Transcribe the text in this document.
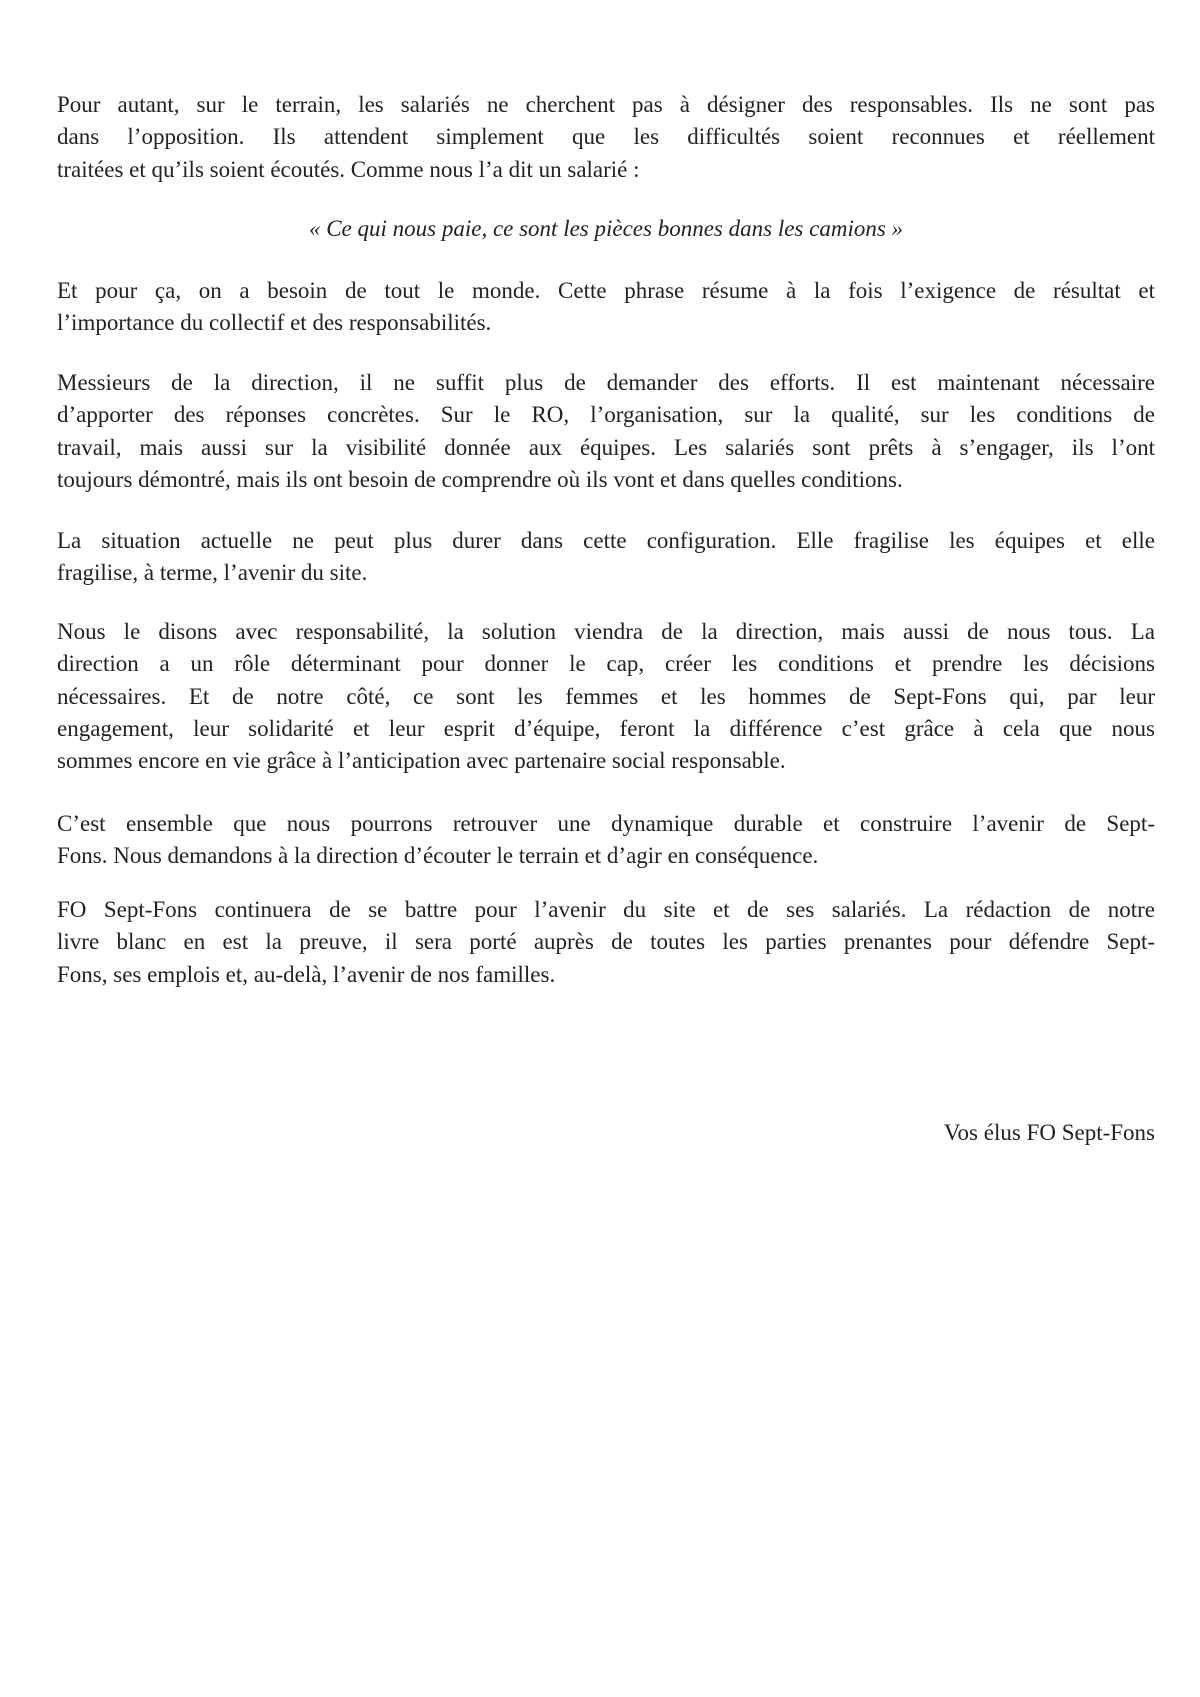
« Ce qui nous paie, ce sont les pièces bonnes dans les camions »
Vos élus FO Sept-Fons
Pour autant, sur le terrain, les salariés ne cherchent pas à désigner des responsables. Ils ne sont pas
dans l’opposition. Ils attendent simplement que les difficultés soient reconnues et réellement
traitées et qu’ils soient écoutés. Comme nous l’a dit un salarié :
Et pour ça, on a besoin de tout le monde. Cette phrase résume à la fois l’exigence de résultat et
l’importance du collectif et des responsabilités.
Messieurs de la direction, il ne suffit plus de demander des efforts. Il est maintenant nécessaire
d’apporter des réponses concrètes. Sur le RO, l’organisation, sur la qualité, sur les conditions de
travail, mais aussi sur la visibilité donnée aux équipes. Les salariés sont prêts à s’engager, ils l’ont
toujours démontré, mais ils ont besoin de comprendre où ils vont et dans quelles conditions.
La situation actuelle ne peut plus durer dans cette configuration. Elle fragilise les équipes et elle
fragilise, à terme, l’avenir du site.
Nous le disons avec responsabilité, la solution viendra de la direction, mais aussi de nous tous. La
direction a un rôle déterminant pour donner le cap, créer les conditions et prendre les décisions
nécessaires. Et de notre côté, ce sont les femmes et les hommes de Sept-Fons qui, par leur
engagement, leur solidarité et leur esprit d’équipe, feront la différence c’est grâce à cela que nous
sommes encore en vie grâce à l’anticipation avec partenaire social responsable.
C’est ensemble que nous pourrons retrouver une dynamique durable et construire l’avenir de Sept-
Fons. Nous demandons à la direction d’écouter le terrain et d’agir en conséquence.
FO Sept-Fons continuera de se battre pour l’avenir du site et de ses salariés. La rédaction de notre
livre blanc en est la preuve, il sera porté auprès de toutes les parties prenantes pour défendre Sept-
Fons, ses emplois et, au-delà, l’avenir de nos familles.
